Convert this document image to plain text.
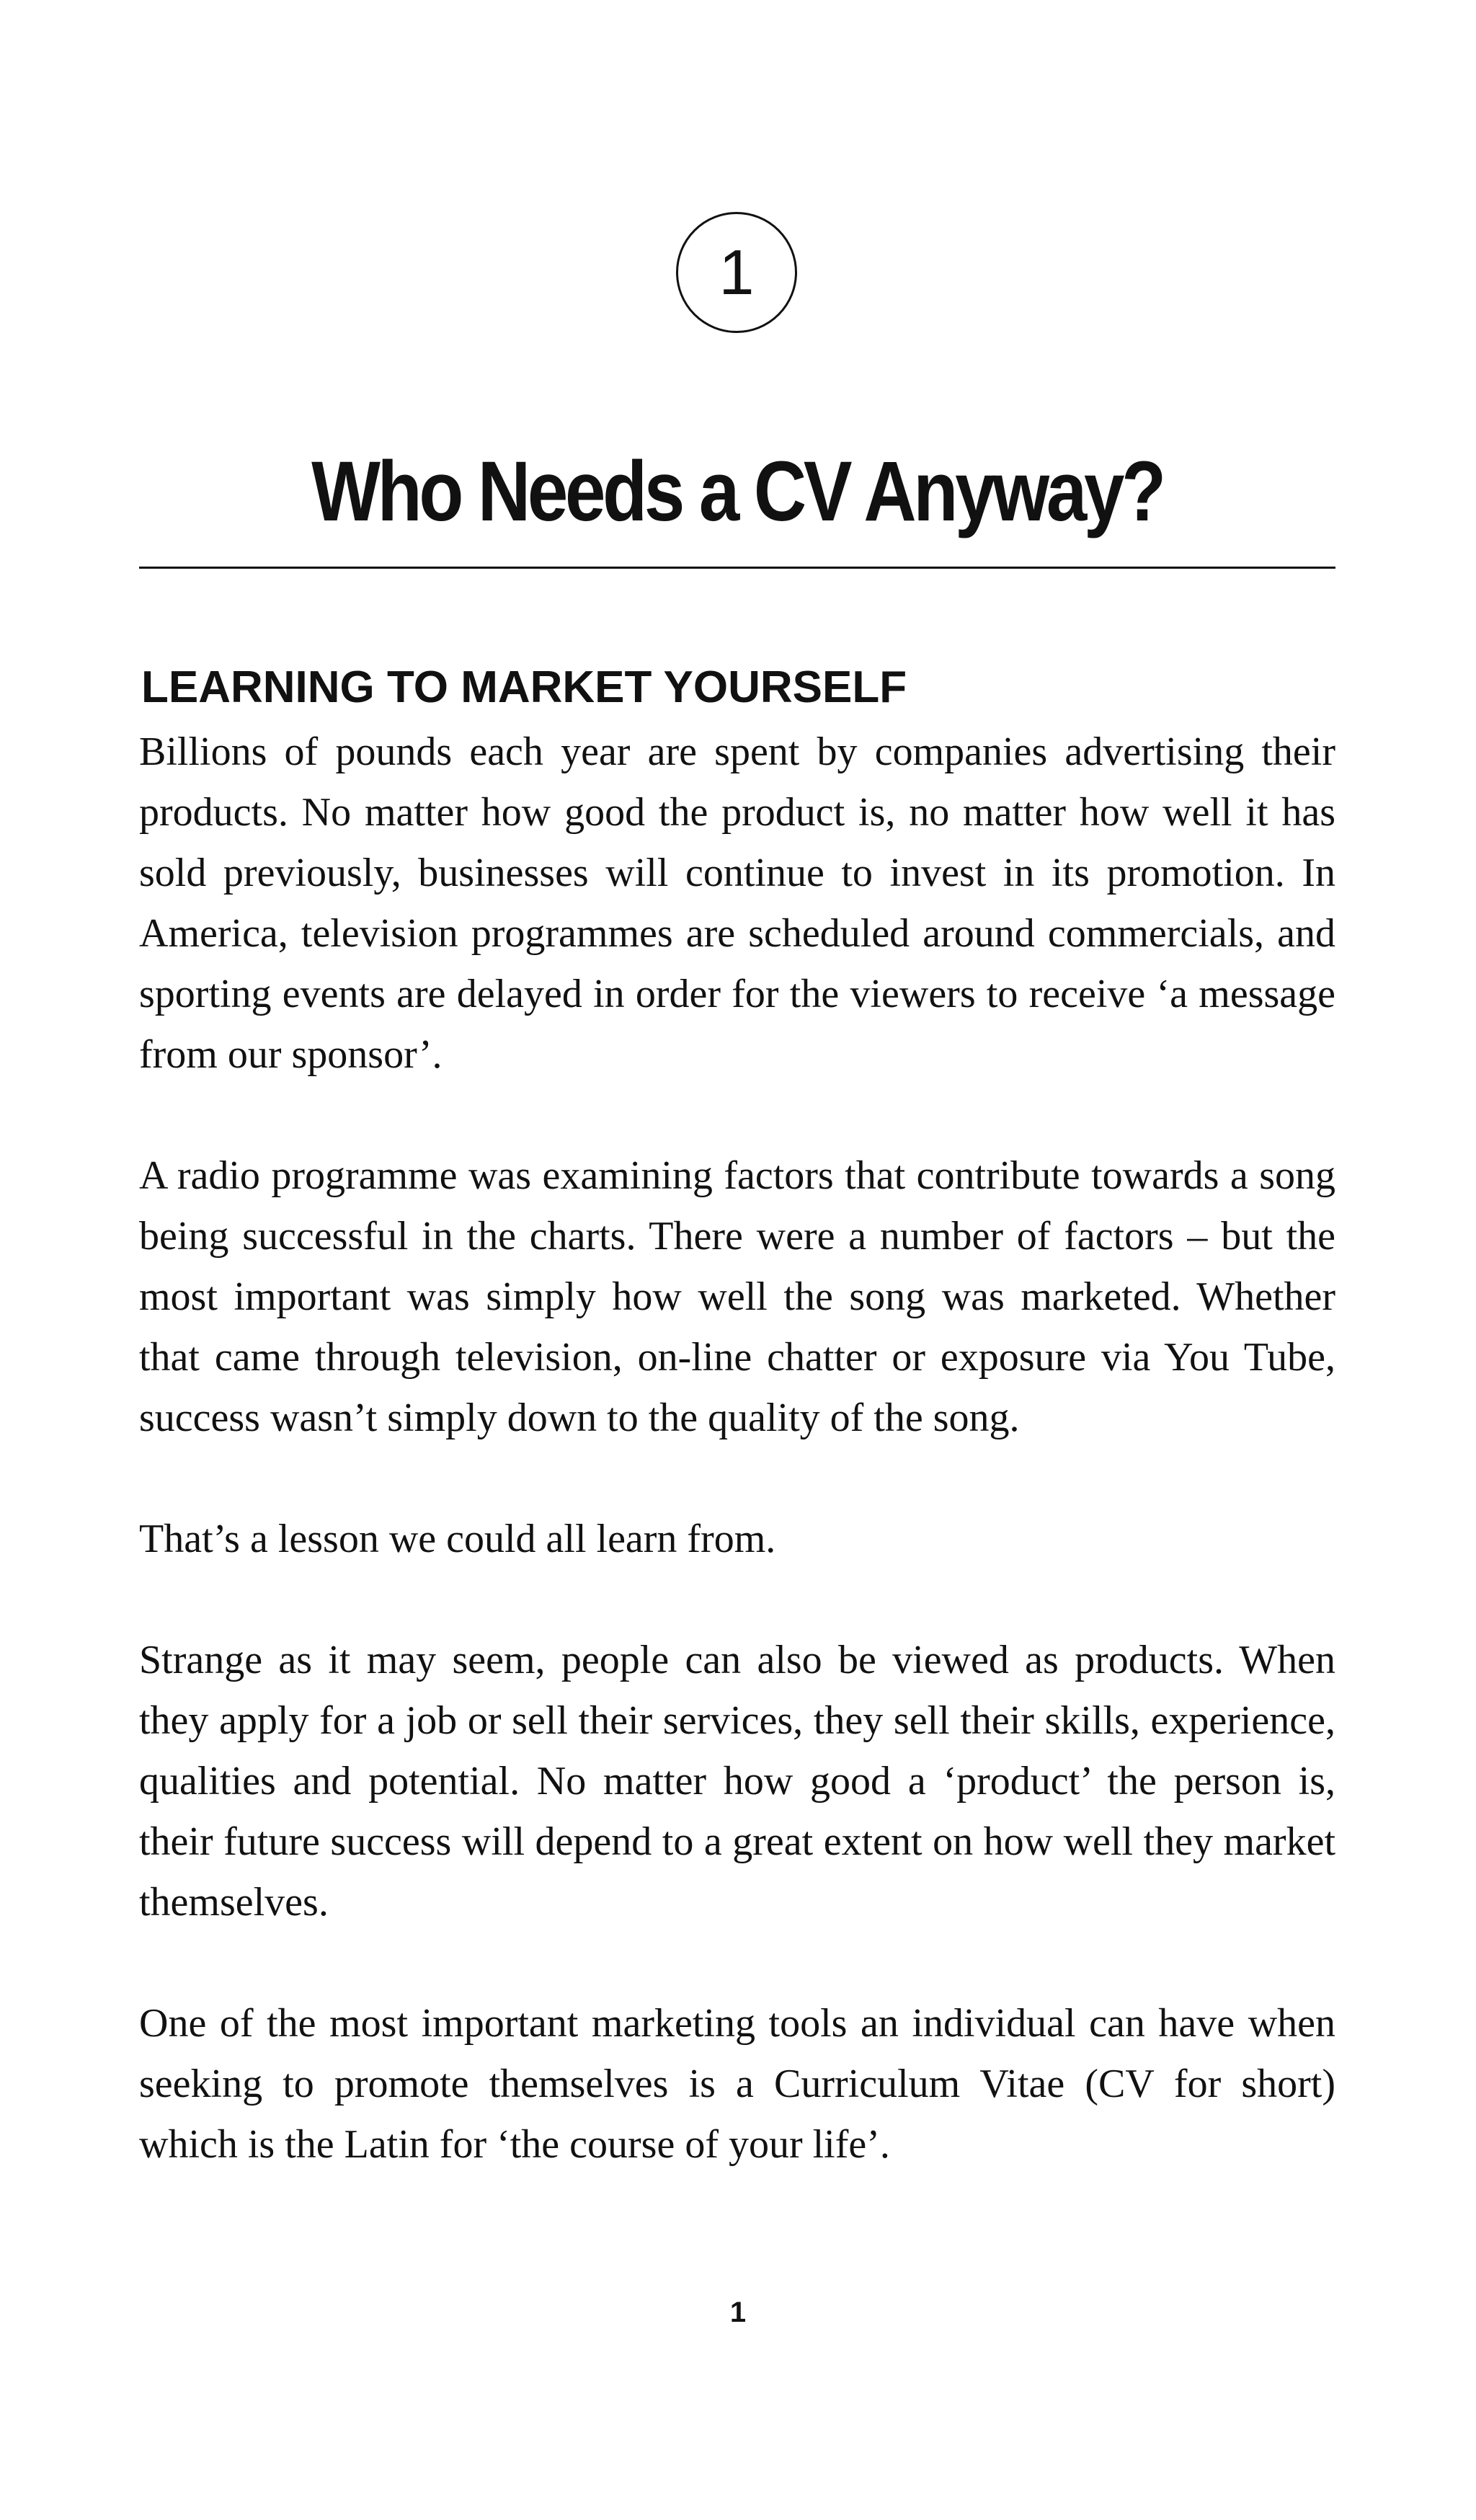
1
Who Needs a CV Anyway?
LEARNING TO MARKET YOURSELF

Billions of pounds each year are spent by companies advertising their products. No matter how good the product is, no matter how well it has sold previously, businesses will continue to invest in its promotion. In America, television programmes are scheduled around commercials, and sporting events are delayed in order for the viewers to receive ‘a message from our sponsor’.

A radio programme was examining factors that contribute towards a song being successful in the charts. There were a number of factors – but the most important was simply how well the song was marketed. Whether that came through television, on-line chatter or exposure via You Tube, success wasn’t simply down to the quality of the song.

That’s a lesson we could all learn from.

Strange as it may seem, people can also be viewed as products. When they apply for a job or sell their services, they sell their skills, experience, qualities and potential. No matter how good a ‘product’ the person is, their future success will depend to a great extent on how well they market themselves.

One of the most important marketing tools an individual can have when seeking to promote themselves is a Curriculum Vitae (CV for short) which is the Latin for ‘the course of your life’.

1
